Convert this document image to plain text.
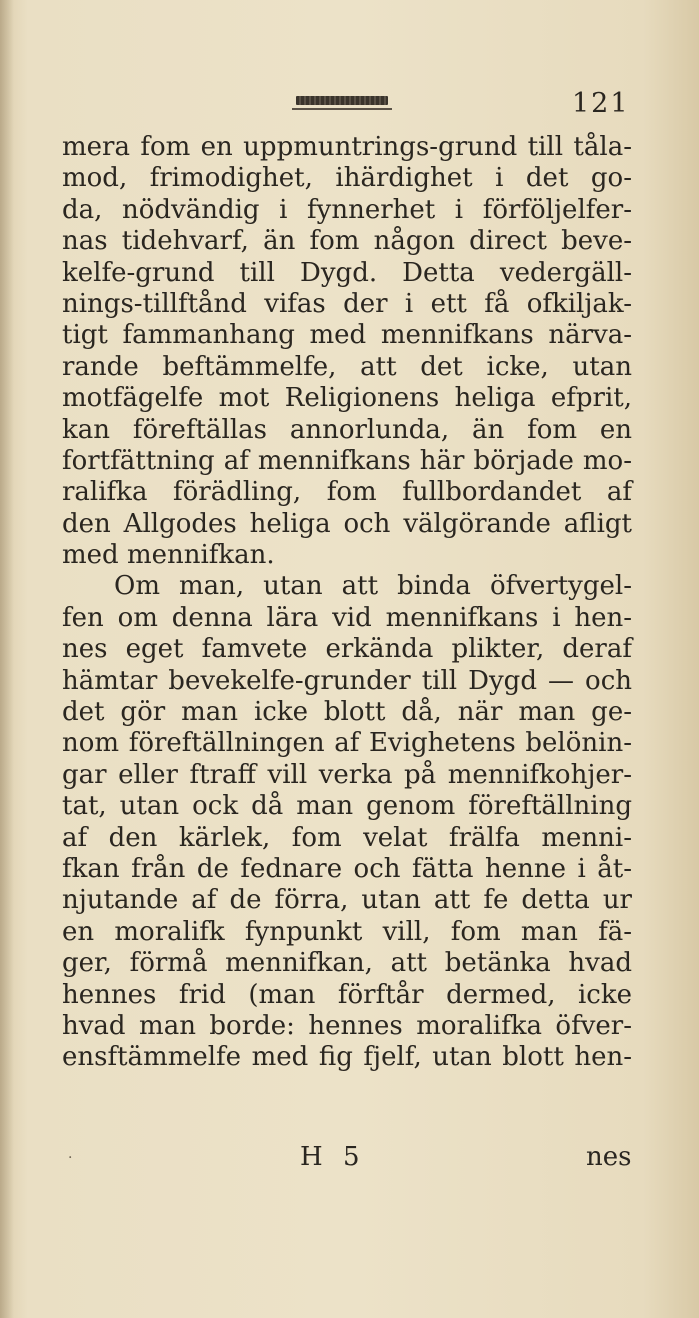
121
mera fom en uppmuntrings-grund till tåla-
mod, frimodighet, ihärdighet i det go-
da, nödvändig i fynnerhet i förföljelfer-
nas tidehvarf, än fom någon direct beve-
kelfe-grund till Dygd. Detta vedergäll-
nings-tillftånd vifas der i ett få ofkiljak-
tigt fammanhang med mennifkans närva-
rande beftämmelfe, att det icke, utan
motfägelfe mot Religionens heliga efprit,
kan föreftällas annorlunda, än fom en
fortfättning af mennifkans här började mo-
ralifka förädling, fom fullbordandet af
den Allgodes heliga och välgörande afligt
med mennifkan.
Om man, utan att binda öfvertygel-
fen om denna lära vid mennifkans i hen-
nes eget famvete erkända plikter, deraf
hämtar bevekelfe-grunder till Dygd — och
det gör man icke blott då, när man ge-
nom föreftällningen af Evighetens belönin-
gar eller ftraff vill verka på mennifkohjer-
tat, utan ock då man genom föreftällning
af den kärlek, fom velat frälfa menni-
fkan från de fednare och fätta henne i åt-
njutande af de förra, utan att fe detta ur
en moralifk fynpunkt vill, fom man fä-
ger, förmå mennifkan, att betänka hvad
hennes frid (man förftår dermed, icke
hvad man borde: hennes moralifka öfver-
ensftämmelfe med fig fjelf, utan blott hen-
·	H 5	nes
